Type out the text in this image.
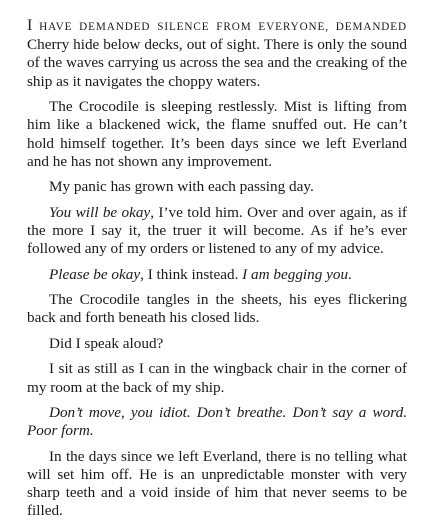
I HAVE DEMANDED SILENCE FROM EVERYONE, DEMANDED Cherry hide below decks, out of sight. There is only the sound of the waves carrying us across the sea and the creaking of the ship as it navigates the choppy waters.

The Crocodile is sleeping restlessly. Mist is lifting from him like a blackened wick, the flame snuffed out. He can’t hold himself together. It’s been days since we left Everland and he has not shown any improvement.

My panic has grown with each passing day.

You will be okay, I’ve told him. Over and over again, as if the more I say it, the truer it will become. As if he’s ever followed any of my orders or listened to any of my advice.

Please be okay, I think instead. I am begging you.

The Crocodile tangles in the sheets, his eyes flickering back and forth beneath his closed lids.

Did I speak aloud?

I sit as still as I can in the wingback chair in the corner of my room at the back of my ship.

Don’t move, you idiot. Don’t breathe. Don’t say a word. Poor form.

In the days since we left Everland, there is no telling what will set him off. He is an unpredictable monster with very sharp teeth and a void inside of him that never seems to be filled.
